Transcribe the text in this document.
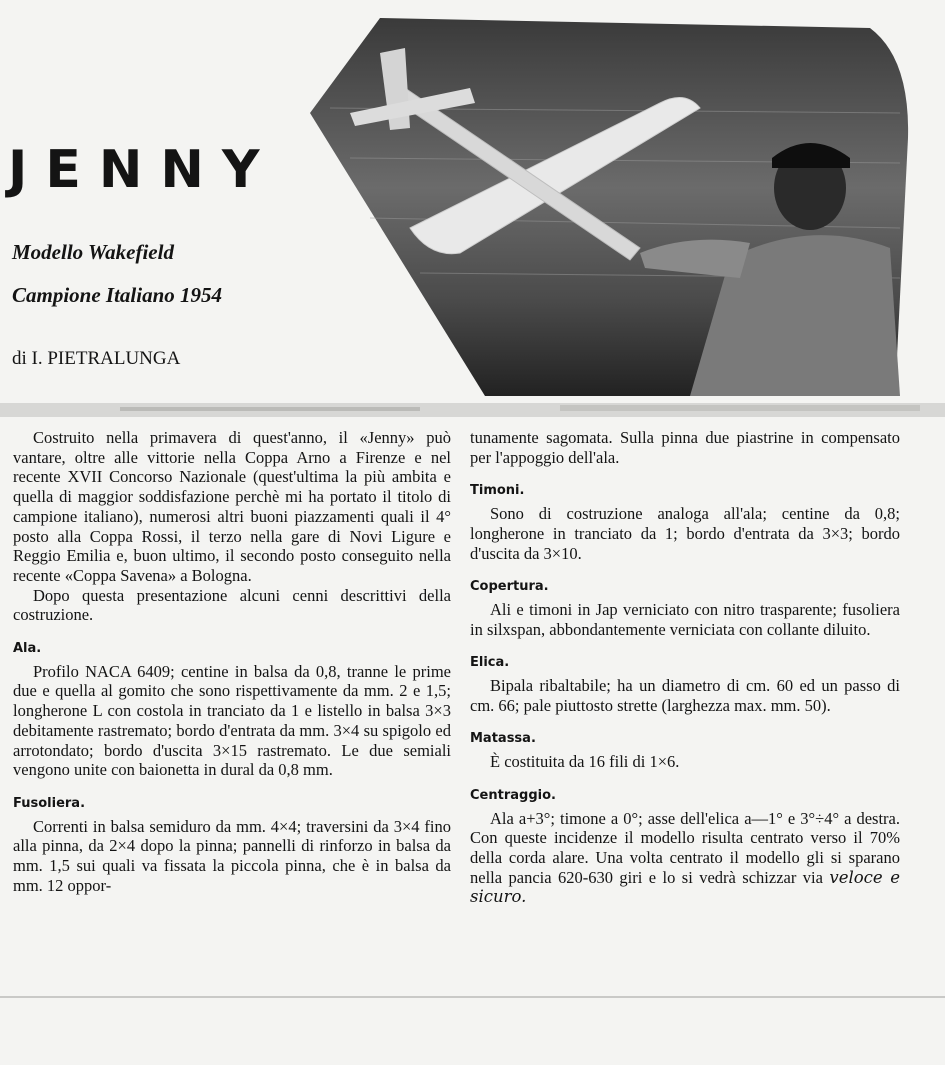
JENNY

Modello Wakefield

Campione Italiano 1954

di I. PIETRALUNGA

Costruito nella primavera di quest'anno, il «Jenny» può vantare, oltre alle vittorie nella Coppa Arno a Firenze e nel recente XVII Concorso Nazionale (quest'ultima la più ambita e quella di maggior soddisfazione perchè mi ha portato il titolo di campione italiano), numerosi altri buoni piazzamenti quali il 4° posto alla Coppa Rossi, il terzo nella gare di Novi Ligure e Reggio Emilia e, buon ultimo, il secondo posto conseguito nella recente «Coppa Savena» a Bologna.

Dopo questa presentazione alcuni cenni descrittivi della costruzione.

Ala.

Profilo NACA 6409; centine in balsa da 0,8, tranne le prime due e quella al gomito che sono rispettivamente da mm. 2 e 1,5; longherone L con costola in tranciato da 1 e listello in balsa 3×3 debitamente rastremato; bordo d'entrata da mm. 3×4 su spigolo ed arrotondato; bordo d'uscita 3×15 rastremato. Le due semiali vengono unite con baionetta in dural da 0,8 mm.

Fusoliera.

Correnti in balsa semiduro da mm. 4×4; traversini da 3×4 fino alla pinna, da 2×4 dopo la pinna; pannelli di rinforzo in balsa da mm. 1,5 sui quali va fissata la piccola pinna, che è in balsa da mm. 12 oppor-

tunamente sagomata. Sulla pinna due piastrine in compensato per l'appoggio dell'ala.

Timoni.

Sono di costruzione analoga all'ala; centine da 0,8; longherone in tranciato da 1; bordo d'entrata da 3×3; bordo d'uscita da 3×10.

Copertura.

Ali e timoni in Jap verniciato con nitro trasparente; fusoliera in silxspan, abbondantemente verniciata con collante diluito.

Elica.

Bipala ribaltabile; ha un diametro di cm. 60 ed un passo di cm. 66; pale piuttosto strette (larghezza max. mm. 50).

Matassa.

È costituita da 16 fili di 1×6.

Centraggio.

Ala a+3°; timone a 0°; asse dell'elica a—1° e 3°÷4° a destra. Con queste incidenze il modello risulta centrato verso il 70% della corda alare. Una volta centrato il modello gli si sparano nella pancia 620-630 giri e lo si vedrà schizzar via veloce e sicuro.
